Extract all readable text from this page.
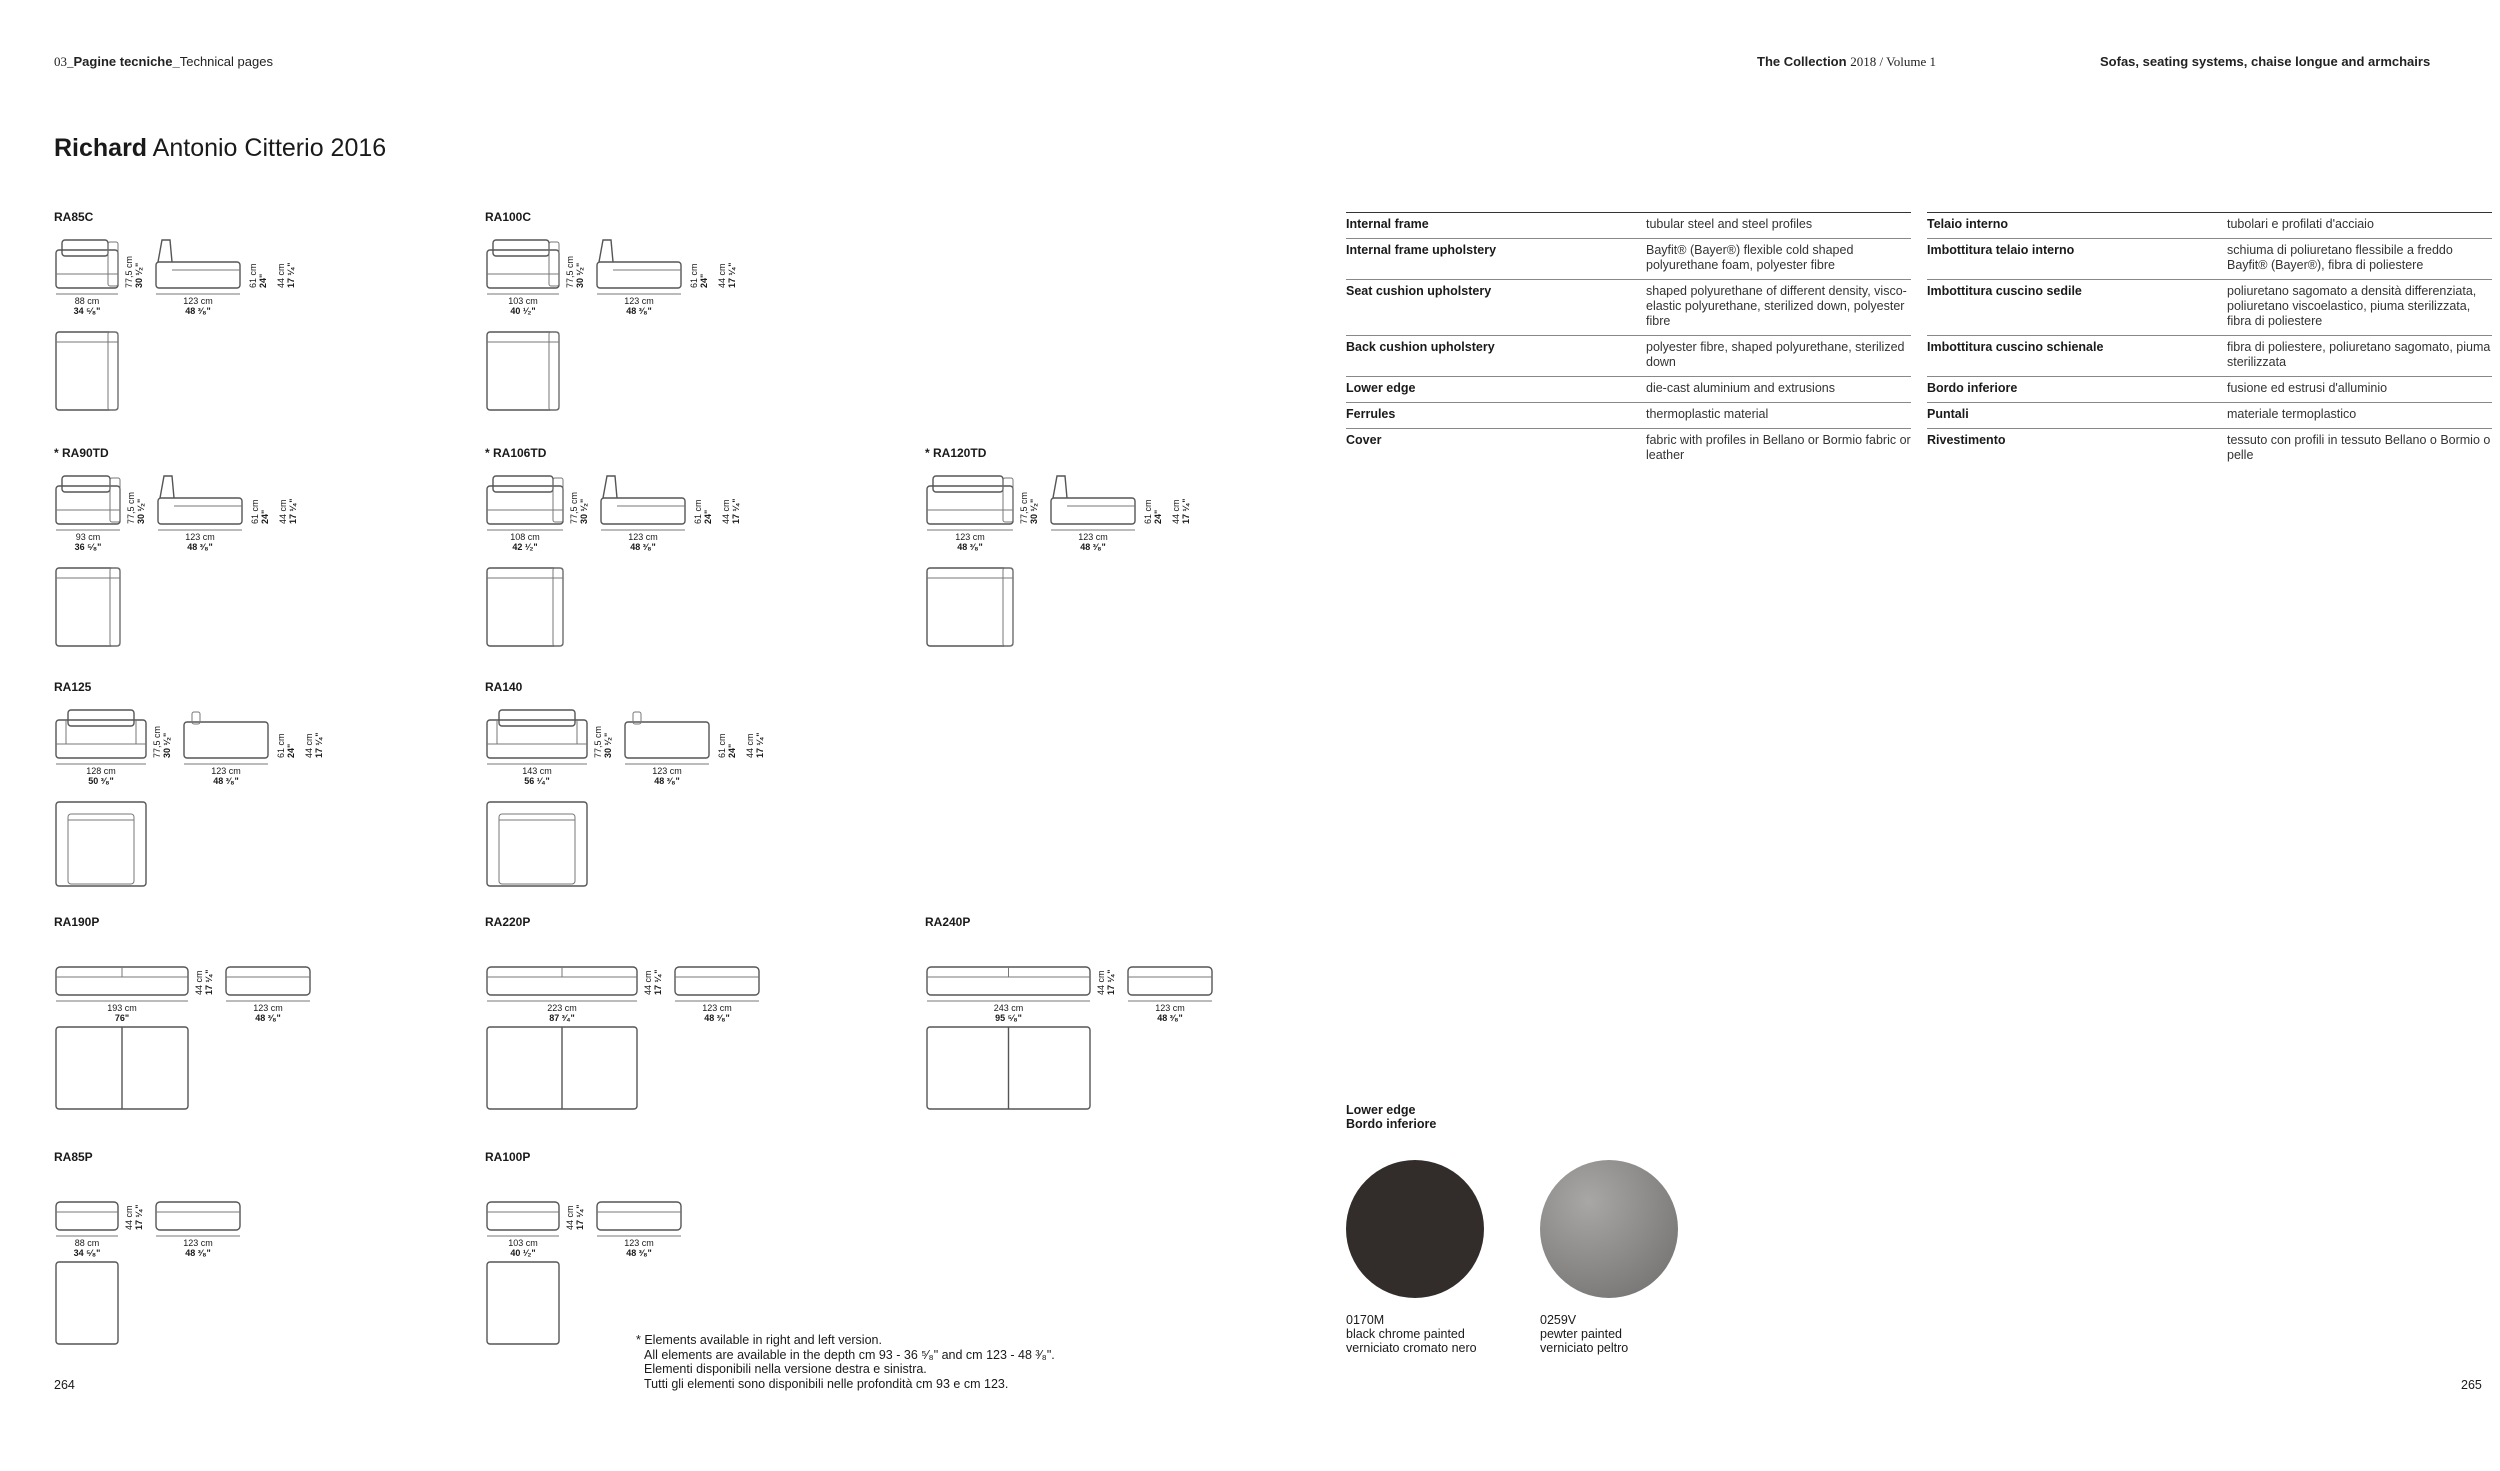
03_Pagine tecniche_Technical pages	The Collection 2018 / Volume 1	Sofas, seating systems, chaise longue and armchairs
Richard Antonio Citterio 2016
RA85C
88 cm
34 ⁵⁄₈"
123 cm
48 ³⁄₈"
77,5 cm 30 ¹⁄₂"	61 cm 24" 44 cm 17 ¹⁄₄"
RA100C
103 cm
40 ¹⁄₂"
123 cm
48 ³⁄₈"
77,5 cm 30 ¹⁄₂"	61 cm 24" 44 cm 17 ¹⁄₄"
* RA90TD
93 cm
36 ⁵⁄₈"
123 cm
48 ³⁄₈"
77,5 cm 30 ¹⁄₂"	61 cm 24" 44 cm 17 ¹⁄₄"
* RA106TD
108 cm
42 ¹⁄₂"
123 cm
48 ³⁄₈"
77,5 cm 30 ¹⁄₂"	61 cm 24" 44 cm 17 ¹⁄₄"
* RA120TD
123 cm
48 ³⁄₈"
123 cm
48 ³⁄₈"
77,5 cm 30 ¹⁄₂"	61 cm 24" 44 cm 17 ¹⁄₄"
RA125
128 cm
50 ³⁄₈"
123 cm
48 ³⁄₈"
77,5 cm 30 ¹⁄₂"	61 cm 24" 44 cm 17 ¹⁄₄"
RA140
143 cm
56 ¹⁄₄"
123 cm
48 ³⁄₈"
77,5 cm 30 ¹⁄₂"	61 cm 24" 44 cm 17 ¹⁄₄"
RA190P
193 cm
76"
123 cm
48 ³⁄₈"
44 cm 17 ¹⁄₄"
RA220P
223 cm
87 ³⁄₄"
123 cm
48 ³⁄₈"
44 cm 17 ¹⁄₄"
RA240P
243 cm
95 ⁵⁄₈"
123 cm
48 ³⁄₈"
44 cm 17 ¹⁄₄"
RA85P
88 cm
34 ⁵⁄₈"
123 cm
48 ³⁄₈"
44 cm 17 ¹⁄₄"
RA100P
103 cm
40 ¹⁄₂"
123 cm
48 ³⁄₈"
44 cm 17 ¹⁄₄"
Internal frame	tubular steel and steel profiles
Internal frame upholstery	Bayfit® (Bayer®) flexible cold shaped polyurethane foam, polyester fibre
Seat cushion upholstery	shaped polyurethane of different density, visco-elastic polyurethane, sterilized down, polyester fibre
Back cushion upholstery	polyester fibre, shaped polyurethane, sterilized down
Lower edge	die-cast aluminium and extrusions
Ferrules	thermoplastic material
Cover	fabric with profiles in Bellano or Bormio fabric or leather
Telaio interno	tubolari e profilati d'acciaio
Imbottitura telaio interno	schiuma di poliuretano flessibile a freddo Bayfit® (Bayer®), fibra di poliestere
Imbottitura cuscino sedile	poliuretano sagomato a densità differenziata, poliuretano viscoelastico, piuma sterilizzata, fibra di poliestere
Imbottitura cuscino schienale	fibra di poliestere, poliuretano sagomato, piuma sterilizzata
Bordo inferiore	fusione ed estrusi d'alluminio
Puntali	materiale termoplastico
Rivestimento	tessuto con profili in tessuto Bellano o Bormio o pelle
Lower edge
Bordo inferiore
0170M
black chrome painted
verniciato cromato nero
0259V
pewter painted
verniciato peltro
* Elements available in right and left version.
All elements are available in the depth cm 93 - 36 ⁵⁄₈" and cm 123 - 48 ³⁄₈".
Elementi disponibili nella versione destra e sinistra.
Tutti gli elementi sono disponibili nelle profondità cm 93 e cm 123.
264	265
